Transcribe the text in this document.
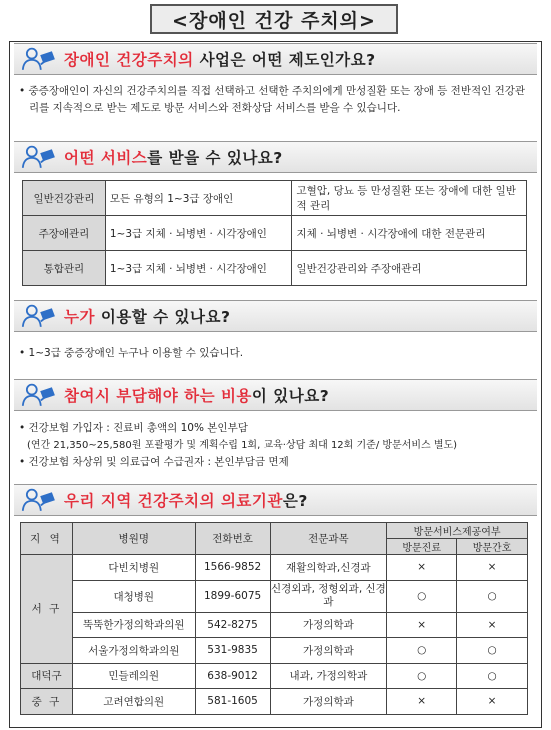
<장애인 건강 주치의>
장애인 건강주치의 사업은 어떤 제도인가요?
• 중증장애인이 자신의 건강주치의를 직접 선택하고 선택한 주치의에게 만성질환 또는 장애 등 전반적인 건강관리를 지속적으로 받는 제도로 방문 서비스와 전화상담 서비스를 받을 수 있습니다.
어떤 서비스를 받을 수 있나요?
일반건강관리	모든 유형의 1~3급 장애인	고혈압, 당뇨 등 만성질환 또는 장애에 대한 일반적 관리
주장애관리	1~3급 지체 · 뇌병변 · 시각장애인	지체 · 뇌병변 · 시각장애에 대한 전문관리
통합관리	1~3급 지체 · 뇌병변 · 시각장애인	일반건강관리와 주장애관리
누가 이용할 수 있나요?
• 1~3급 중증장애인 누구나 이용할 수 있습니다.
참여시 부담해야 하는 비용이 있나요?
• 건강보험 가입자 : 진료비 총액의 10% 본인부담
(연간 21,350~25,580원 포괄평가 및 계획수립 1회, 교육·상담 최대 12회 기준/ 방문서비스 별도)
• 건강보험 차상위 및 의료급여 수급권자 : 본인부담금 면제
우리 지역 건강주치의 의료기관은?
지 역	병원명	전화번호	전문과목	방문서비스제공여부	
				방문진료	방문간호
서 구	다빈치병원	1566-9852	재활의학과,신경과	×	×
	대청병원	1899-6075	신경외과, 정형외과, 신경과	○	○
	뚝뚝한가정의학과의원	542-8275	가정의학과	×	×
	서울가정의학과의원	531-9835	가정의학과	○	○
대덕구	민들레의원	638-9012	내과, 가정의학과	○	○
중 구	고려연합의원	581-1605	가정의학과	×	×
